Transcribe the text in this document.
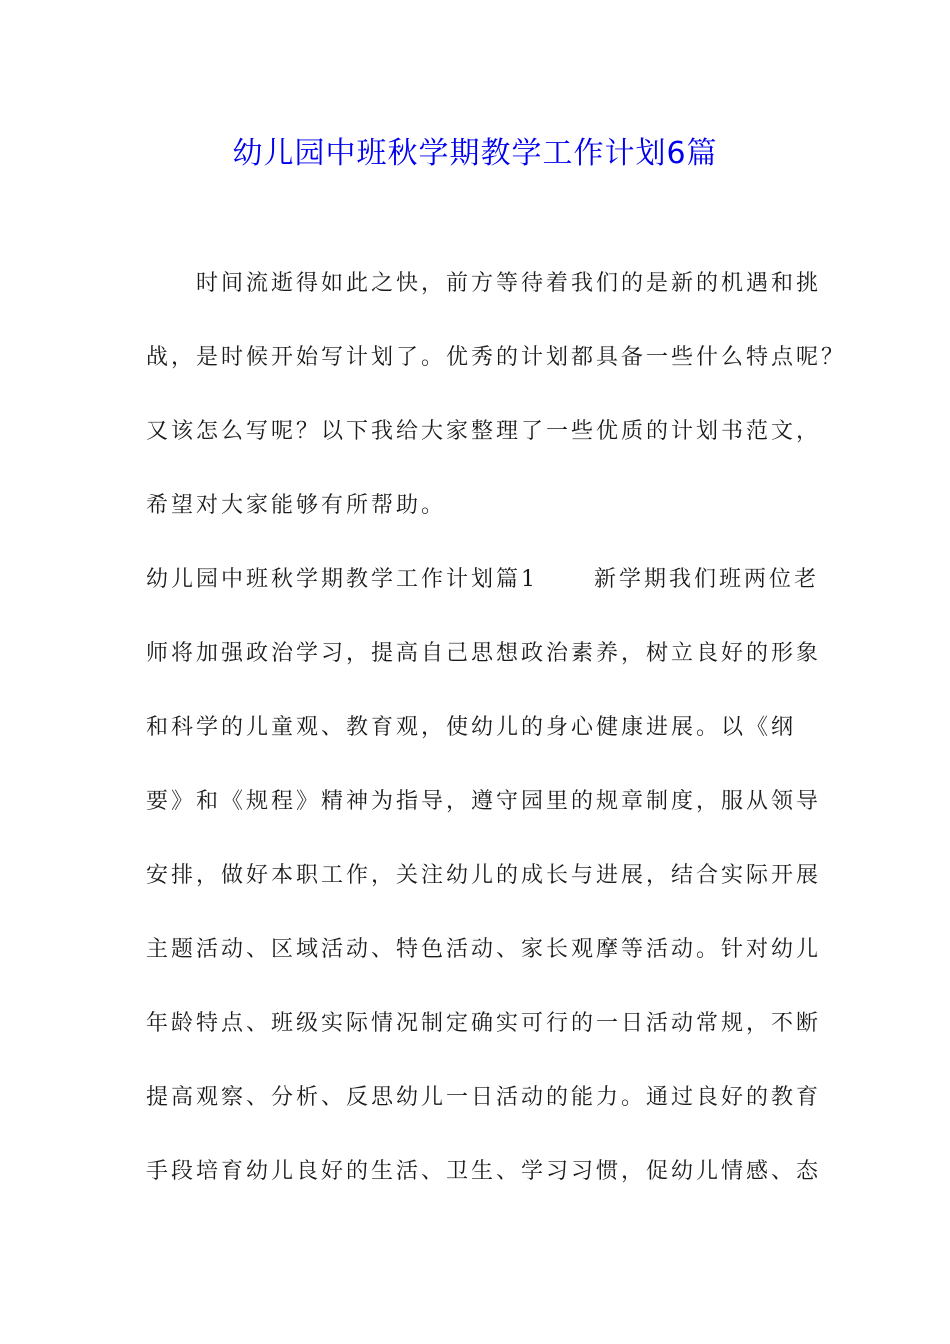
幼儿园中班秋学期教学工作计划6篇
　　时间流逝得如此之快，前方等待着我们的是新的机遇和挑
战，是时候开始写计划了。优秀的计划都具备一些什么特点呢？
又该怎么写呢？以下我给大家整理了一些优质的计划书范文，
希望对大家能够有所帮助。
幼儿园中班秋学期教学工作计划篇1	新学期我们班两位老
师将加强政治学习，提高自己思想政治素养，树立良好的形象
和科学的儿童观、教育观，使幼儿的身心健康进展。以《纲
要》和《规程》精神为指导，遵守园里的规章制度，服从领导
安排，做好本职工作，关注幼儿的成长与进展，结合实际开展
主题活动、区域活动、特色活动、家长观摩等活动。针对幼儿
年龄特点、班级实际情况制定确实可行的一日活动常规，不断
提高观察、分析、反思幼儿一日活动的能力。通过良好的教育
手段培育幼儿良好的生活、卫生、学习习惯，促幼儿情感、态
